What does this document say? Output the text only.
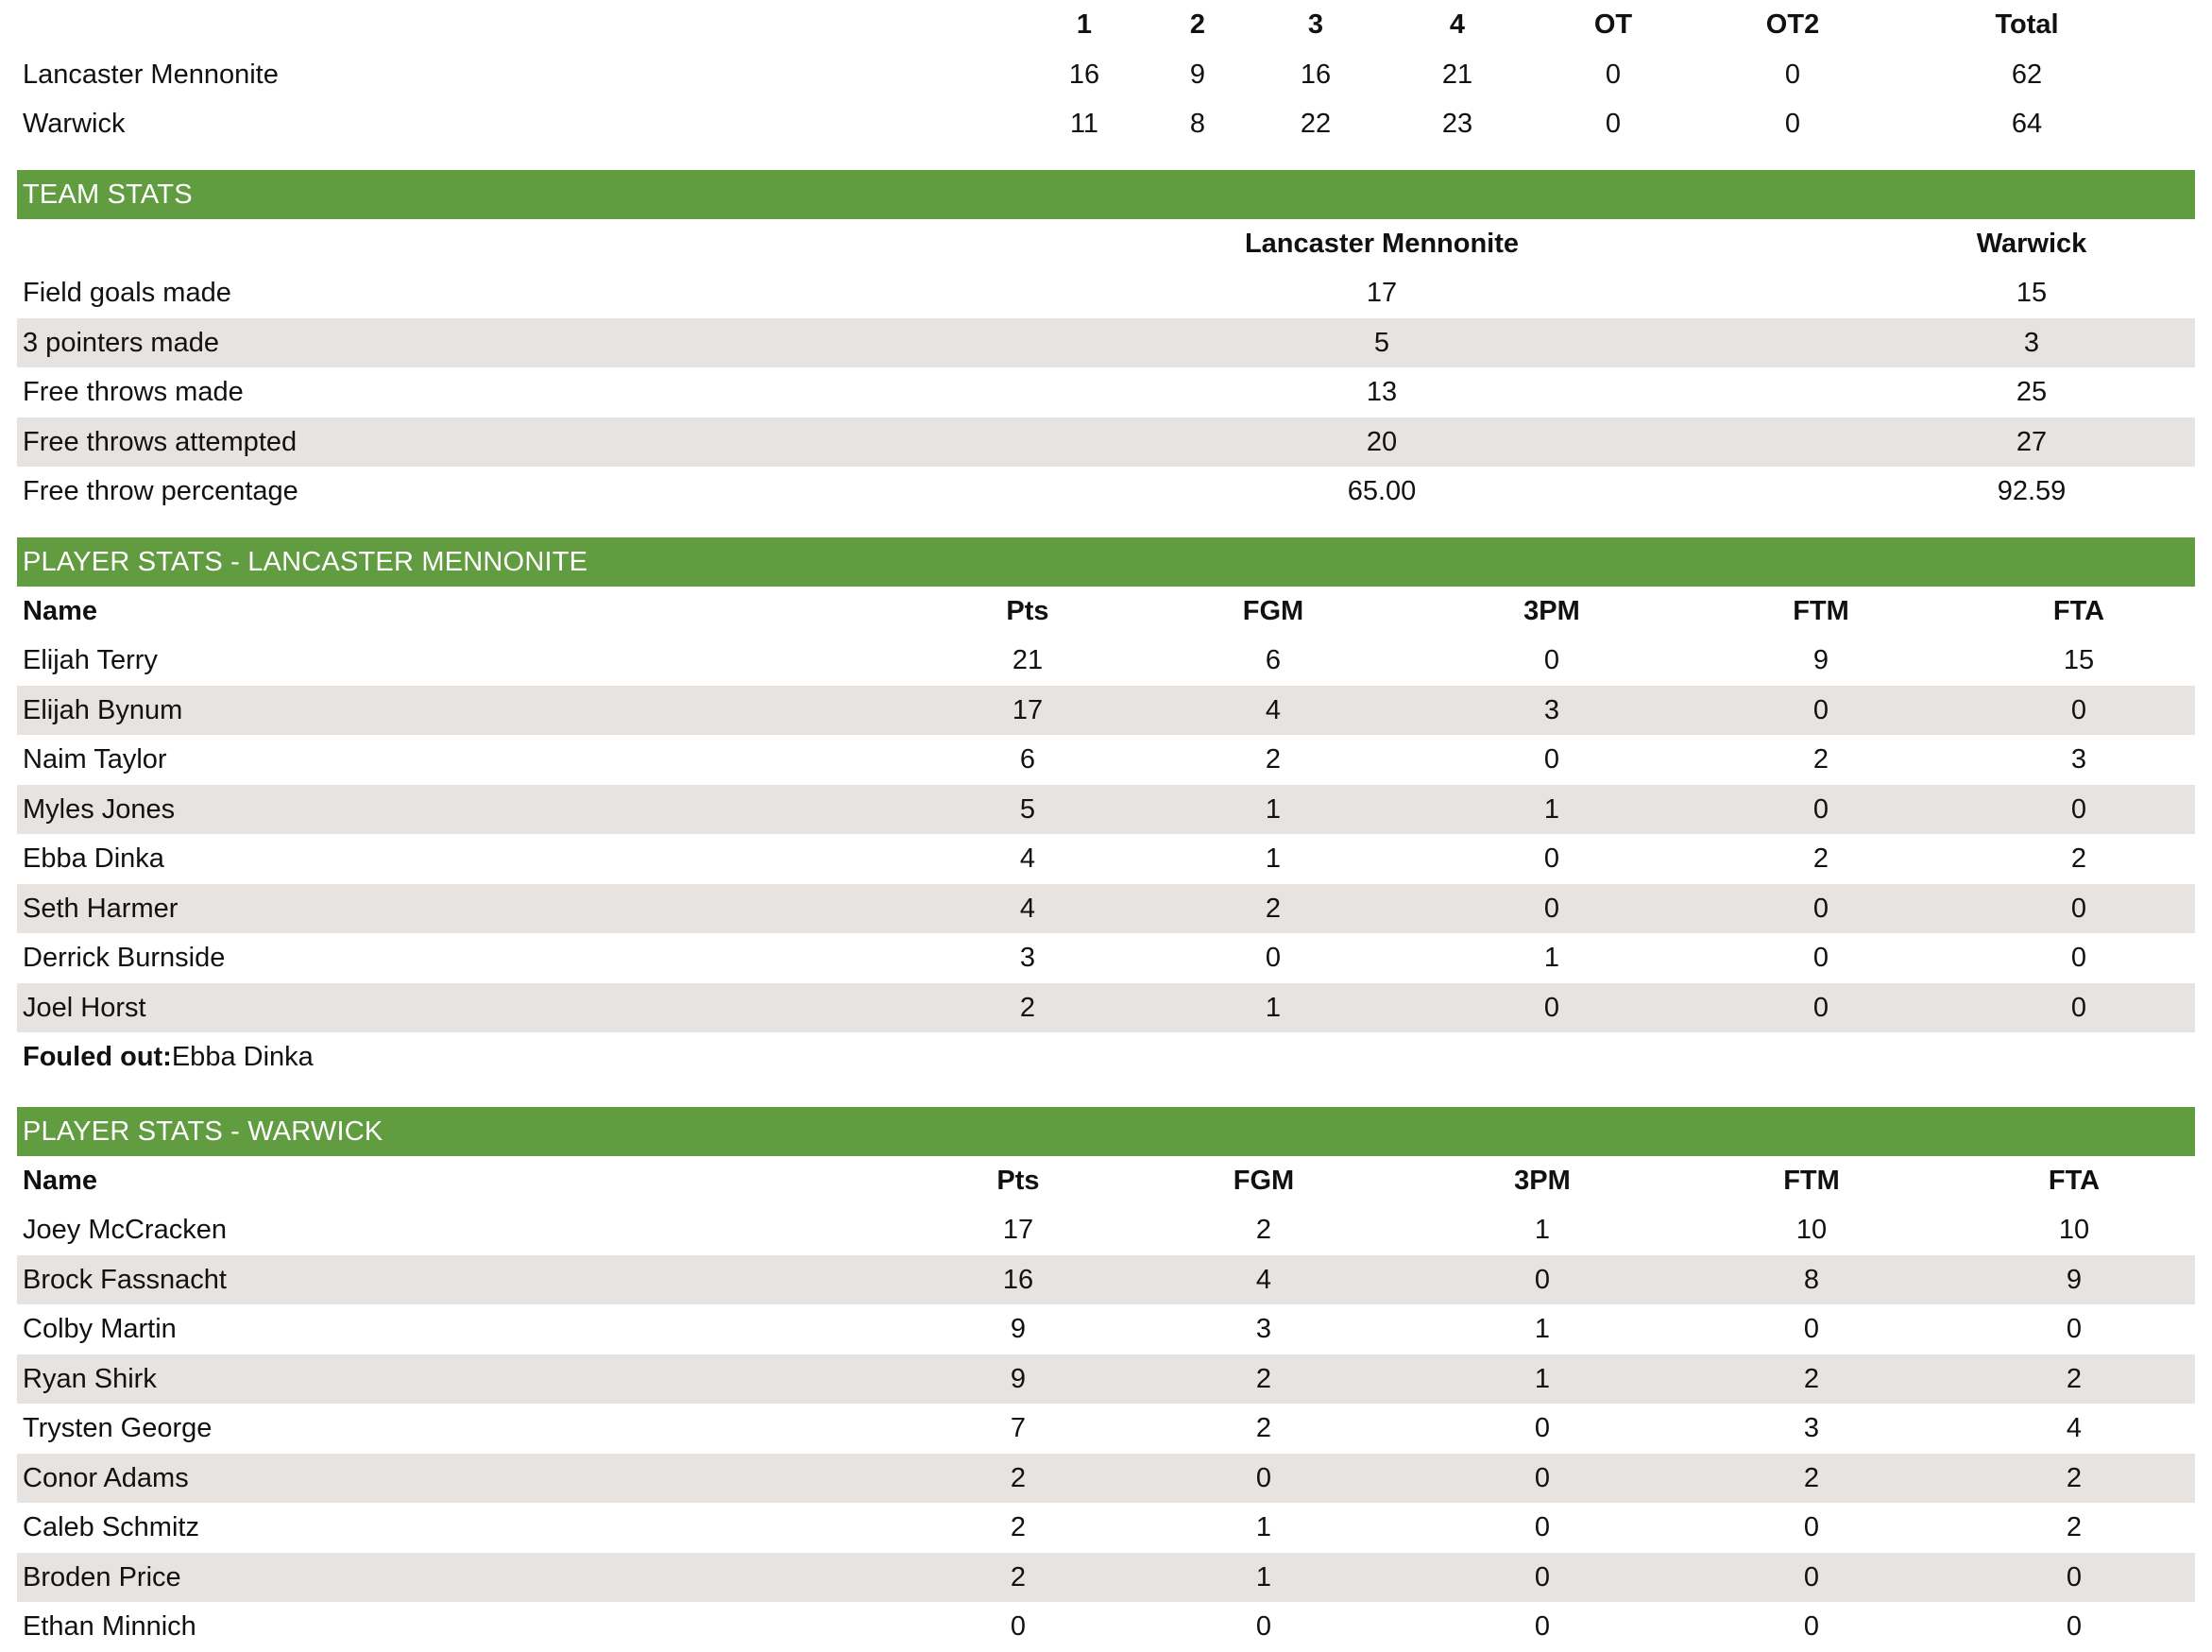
	1	2	3	4	OT	OT2	Total
Lancaster Mennonite	16	9	16	21	0	0	62
Warwick	11	8	22	23	0	0	64
TEAM STATS
	Lancaster Mennonite		Warwick
Field goals made	17		15
3 pointers made	5		3
Free throws made	13		25
Free throws attempted	20		27
Free throw percentage	65.00		92.59
PLAYER STATS - LANCASTER MENNONITE
Name	Pts	FGM	3PM	FTM	FTA
Elijah Terry	21	6	0	9	15
Elijah Bynum	17	4	3	0	0
Naim Taylor	6	2	0	2	3
Myles Jones	5	1	1	0	0
Ebba Dinka	4	1	0	2	2
Seth Harmer	4	2	0	0	0
Derrick Burnside	3	0	1	0	0
Joel Horst	2	1	0	0	0
Fouled out:Ebba Dinka
PLAYER STATS - WARWICK
Name	Pts	FGM	3PM	FTM	FTA
Joey McCracken	17	2	1	10	10
Brock Fassnacht	16	4	0	8	9
Colby Martin	9	3	1	0	0
Ryan Shirk	9	2	1	2	2
Trysten George	7	2	0	3	4
Conor Adams	2	0	0	2	2
Caleb Schmitz	2	1	0	0	2
Broden Price	2	1	0	0	0
Ethan Minnich	0	0	0	0	0
